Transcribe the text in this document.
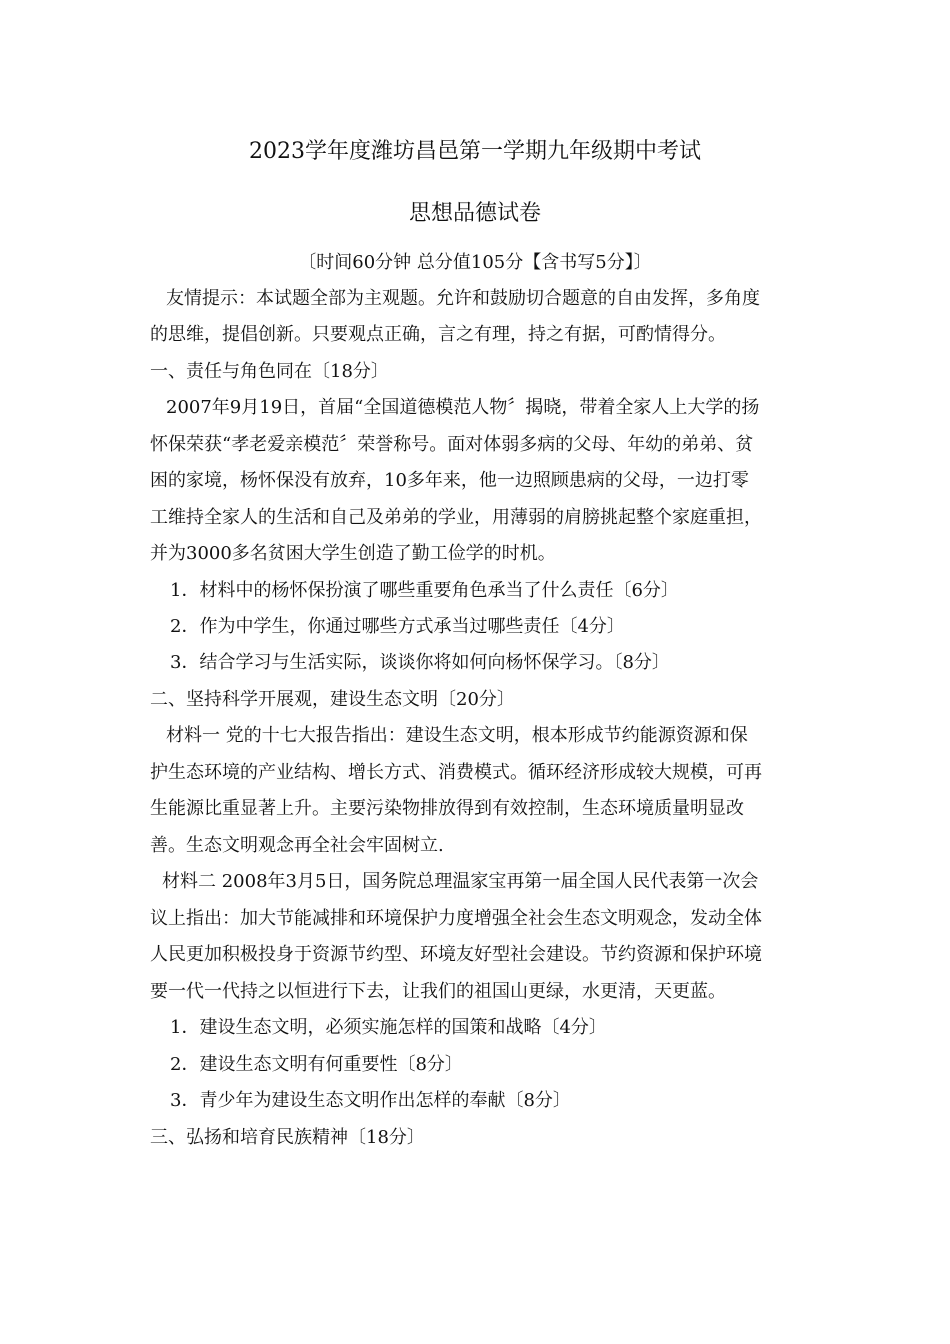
2023学年度潍坊昌邑第一学期九年级期中考试
思想品德试卷
〔时间60分钟 总分值105分【含书写5分】〕
友情提示：本试题全部为主观题。允许和鼓励切合题意的自由发挥，多角度
的思维，提倡创新。只要观点正确，言之有理，持之有据，可酌情得分。
一、责任与角色同在〔18分〕
2007年9月19日，首届“全国道德模范人物〞揭晓，带着全家人上大学的扬
怀保荣获“孝老爱亲模范〞荣誉称号。面对体弱多病的父母、年幼的弟弟、贫
困的家境，杨怀保没有放弃，10多年来，他一边照顾患病的父母，一边打零
工维持全家人的生活和自己及弟弟的学业，用薄弱的肩膀挑起整个家庭重担，
并为3000多名贫困大学生创造了勤工俭学的时机。
1．材料中的杨怀保扮演了哪些重要角色承当了什么责任〔6分〕
2．作为中学生，你通过哪些方式承当过哪些责任〔4分〕
3．结合学习与生活实际，谈谈你将如何向杨怀保学习。〔8分〕
二、坚持科学开展观，建设生态文明〔20分〕
材料一 党的十七大报告指出：建设生态文明，根本形成节约能源资源和保
护生态环境的产业结构、增长方式、消费模式。循环经济形成较大规模，可再
生能源比重显著上升。主要污染物排放得到有效控制，生态环境质量明显改
善。生态文明观念再全社会牢固树立.
材料二 2008年3月5日，国务院总理温家宝再第一届全国人民代表第一次会
议上指出：加大节能减排和环境保护力度增强全社会生态文明观念，发动全体
人民更加积极投身于资源节约型、环境友好型社会建设。节约资源和保护环境
要一代一代持之以恒进行下去，让我们的祖国山更绿，水更清，天更蓝。
1．建设生态文明，必须实施怎样的国策和战略〔4分〕
2．建设生态文明有何重要性〔8分〕
3．青少年为建设生态文明作出怎样的奉献〔8分〕
三、弘扬和培育民族精神〔18分〕
